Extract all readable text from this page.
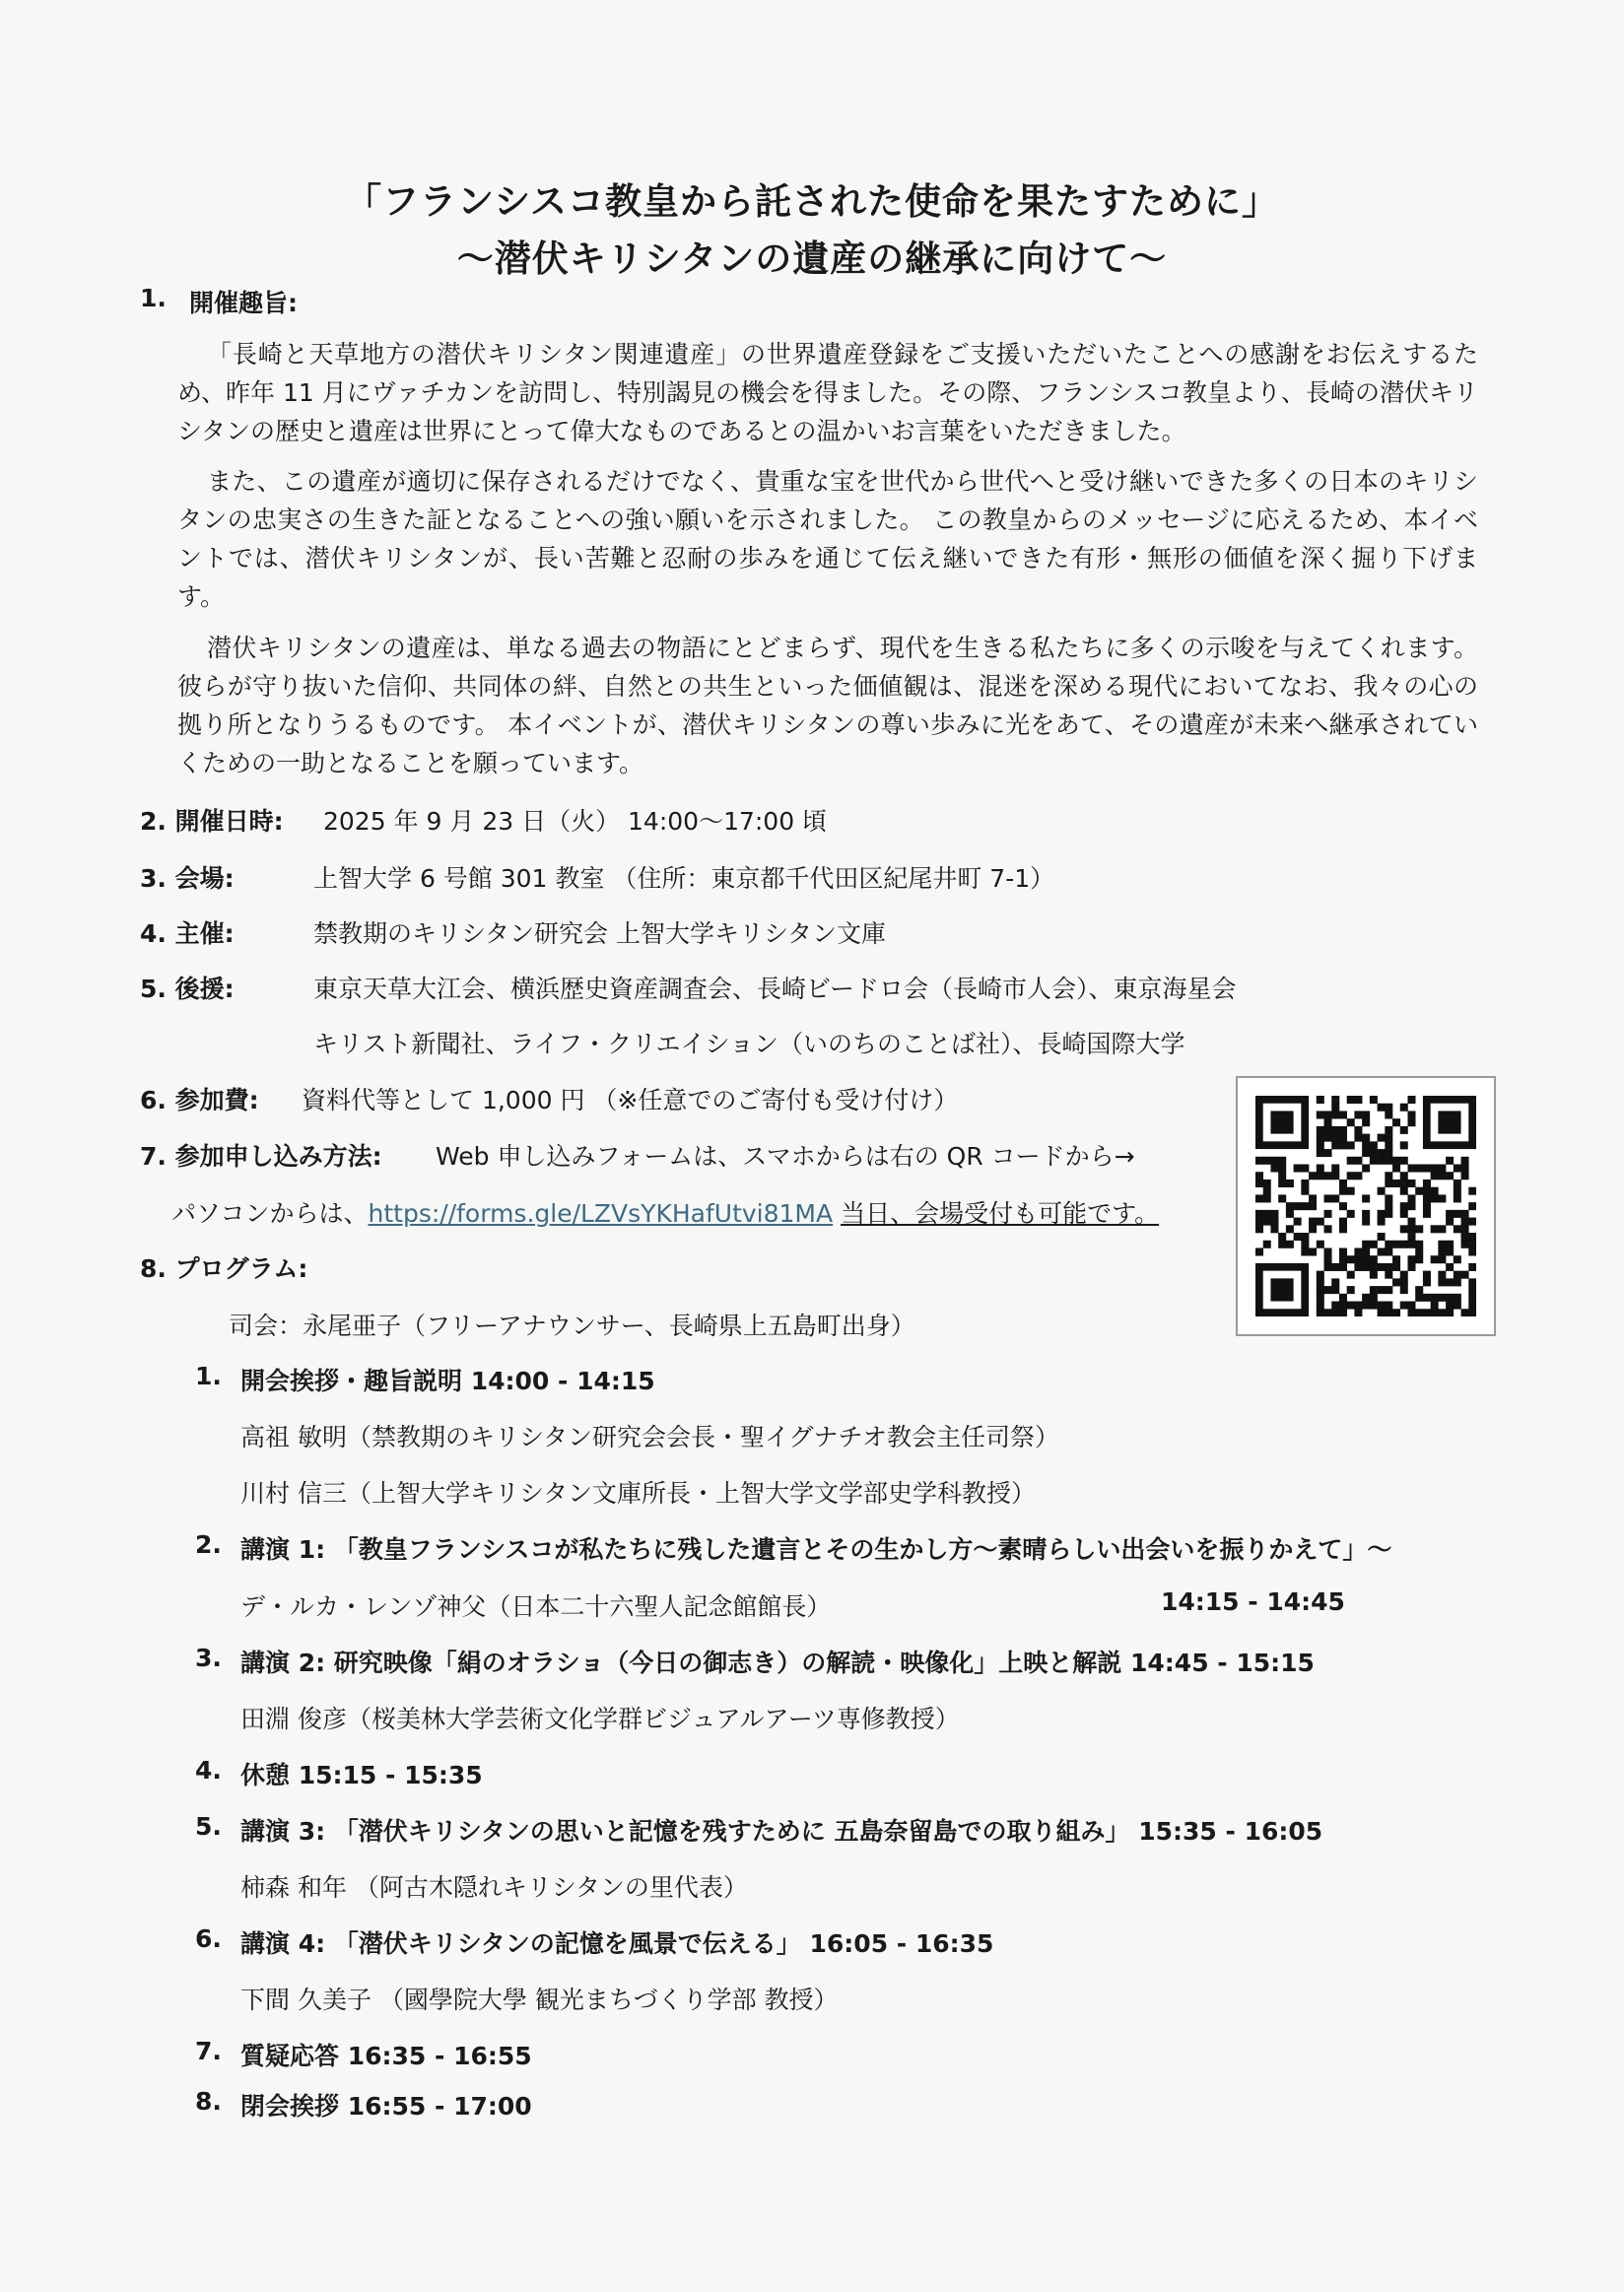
「フランシスコ教皇から託された使命を果たすために」
～潜伏キリシタンの遺産の継承に向けて～
1. 開催趣旨:

「長崎と天草地方の潜伏キリシタン関連遺産」の世界遺産登録をご支援いただいたことへの感謝をお伝えするため、昨年 11 月にヴァチカンを訪問し、特別謁見の機会を得ました。その際、フランシスコ教皇より、長崎の潜伏キリシタンの歴史と遺産は世界にとって偉大なものであるとの温かいお言葉をいただきました。

また、この遺産が適切に保存されるだけでなく、貴重な宝を世代から世代へと受け継いできた多くの日本のキリシタンの忠実さの生きた証となることへの強い願いを示されました。 この教皇からのメッセージに応えるため、本イベントでは、潜伏キリシタンが、長い苦難と忍耐の歩みを通じて伝え継いできた有形・無形の価値を深く掘り下げます。

潜伏キリシタンの遺産は、単なる過去の物語にとどまらず、現代を生きる私たちに多くの示唆を与えてくれます。彼らが守り抜いた信仰、共同体の絆、自然との共生といった価値観は、混迷を深める現代においてなお、我々の心の拠り所となりうるものです。 本イベントが、潜伏キリシタンの尊い歩みに光をあて、その遺産が未来へ継承されていくための一助となることを願っています。

2. 開催日時: 2025 年 9 月 23 日（火） 14:00～17:00 頃
3. 会場:	上智大学 6 号館 301 教室 （住所：東京都千代田区紀尾井町 7-1）
4. 主催:	禁教期のキリシタン研究会 上智大学キリシタン文庫
5. 後援:	東京天草大江会、横浜歴史資産調査会、長崎ビードロ会（長崎市人会）、東京海星会
キリスト新聞社、ライフ・クリエイション（いのちのことば社）、長崎国際大学
6. 参加費: 資料代等として 1,000 円 （※任意でのご寄付も受け付け）
7. 参加申し込み方法: Web 申し込みフォームは、スマホからは右の QR コードから→
パソコンからは、https://forms.gle/LZVsYKHafUtvi81MA 当日、会場受付も可能です。
8. プログラム:
司会：永尾亜子（フリーアナウンサー、長崎県上五島町出身）
1. 開会挨拶・趣旨説明 14:00 - 14:15
高祖 敏明（禁教期のキリシタン研究会会長・聖イグナチオ教会主任司祭）
川村 信三（上智大学キリシタン文庫所長・上智大学文学部史学科教授）
2. 講演 1: 「教皇フランシスコが私たちに残した遺言とその生かし方～素晴らしい出会いを振りかえて」～
デ・ルカ・レンゾ神父（日本二十六聖人記念館館長）	14:15 - 14:45
3. 講演 2: 研究映像「絹のオラショ（今日の御志き）の解読・映像化」上映と解説 14:45 - 15:15
田淵 俊彦（桜美林大学芸術文化学群ビジュアルアーツ専修教授）
4. 休憩 15:15 - 15:35
5. 講演 3: 「潜伏キリシタンの思いと記憶を残すために 五島奈留島での取り組み」 15:35 - 16:05
柿森 和年 （阿古木隠れキリシタンの里代表）
6. 講演 4: 「潜伏キリシタンの記憶を風景で伝える」 16:05 - 16:35
下間 久美子 （國學院大學 観光まちづくり学部 教授）
7. 質疑応答 16:35 - 16:55
8. 閉会挨拶 16:55 - 17:00
